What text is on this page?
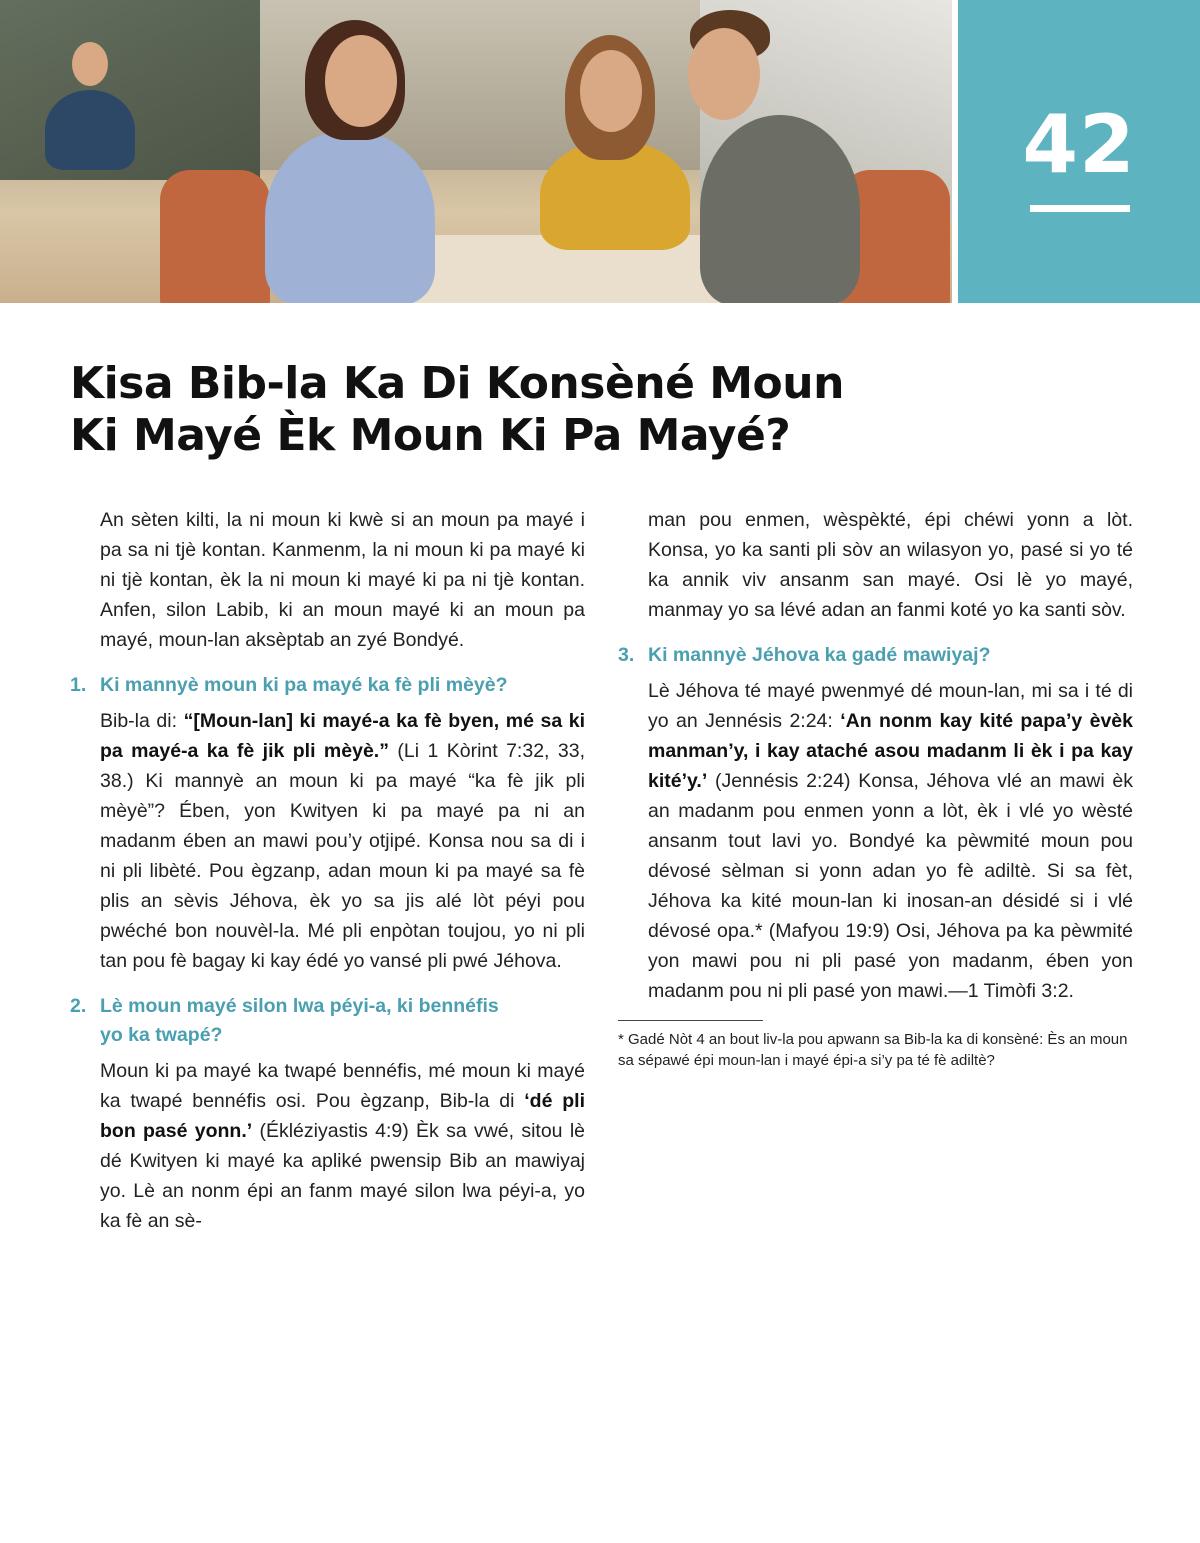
42
Kisa Bib-la Ka Di Konsèné Moun
Ki Mayé Èk Moun Ki Pa Mayé?

An sèten kilti, la ni moun ki kwè si an moun pa mayé i pa sa ni tjè kontan. Kanmenm, la ni moun ki pa mayé ki ni tjè kontan, èk la ni moun ki mayé ki pa ni tjè kontan. Anfen, silon Labib, ki an moun mayé ki an moun pa mayé, moun-lan aksèptab an zyé Bondyé.

1. Ki mannyè moun ki pa mayé ka fè pli mèyè?

Bib-la di: “[Moun-lan] ki mayé-a ka fè byen, mé sa ki pa mayé-a ka fè jik pli mèyè.” (Li 1 Kòrint 7:32, 33, 38.) Ki mannyè an moun ki pa mayé “ka fè jik pli mèyè”? Ében, yon Kwityen ki pa mayé pa ni an madanm ében an mawi pou’y otjipé. Konsa nou sa di i ni pli libèté. Pou ègzanp, adan moun ki pa mayé sa fè plis an sèvis Jéhova, èk yo sa jis alé lòt péyi pou pwéché bon nouvèl-la. Mé pli enpòtan toujou, yo ni pli tan pou fè bagay ki kay édé yo vansé pli pwé Jéhova.

2. Lè moun mayé silon lwa péyi-a, ki bennéfis
yo ka twapé?

Moun ki pa mayé ka twapé bennéfis, mé moun ki mayé ka twapé bennéfis osi. Pou ègzanp, Bib-la di ‘dé pli bon pasé yonn.’ (Ékléziyastis 4:9) Èk sa vwé, sitou lè dé Kwityen ki mayé ka apliké pwensip Bib an mawiyaj yo. Lè an nonm épi an fanm mayé silon lwa péyi-a, yo ka fè an sè-

man pou enmen, wèspèkté, épi chéwi yonn a lòt. Konsa, yo ka santi pli sòv an wilasyon yo, pasé si yo té ka annik viv ansanm san mayé. Osi lè yo mayé, manmay yo sa lévé adan an fanmi koté yo ka santi sòv.

3. Ki mannyè Jéhova ka gadé mawiyaj?

Lè Jéhova té mayé pwenmyé dé moun-lan, mi sa i té di yo an Jennésis 2:24: ‘An nonm kay kité papa’y èvèk manman’y, i kay ataché asou madanm li èk i pa kay kité’y.’ (Jennésis 2:24) Konsa, Jéhova vlé an mawi èk an madanm pou enmen yonn a lòt, èk i vlé yo wèsté ansanm tout lavi yo. Bondyé ka pèwmité moun pou dévosé sèlman si yonn adan yo fè adiltè. Si sa fèt, Jéhova ka kité moun-lan ki inosan-an désidé si i vlé dévosé opa.* (Mafyou 19:9) Osi, Jéhova pa ka pèwmité yon mawi pou ni pli pasé yon madanm, ében yon madanm pou ni pli pasé yon mawi.—1 Timòfi 3:2.

* Gadé Nòt 4 an bout liv-la pou apwann sa Bib-la ka di konsèné: Ès an moun sa sépawé épi moun-lan i mayé épi-a si’y pa té fè adiltè?
